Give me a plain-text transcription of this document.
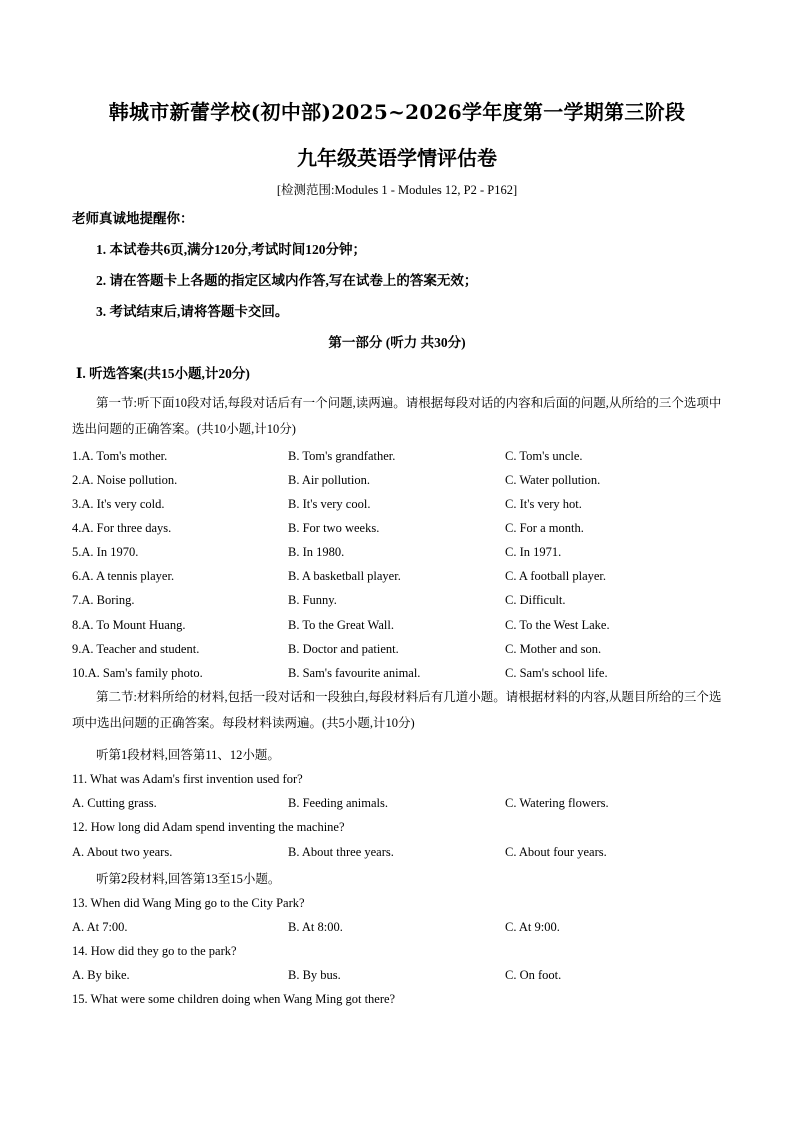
韩城市新蕾学校(初中部)2025~2026学年度第一学期第三阶段
九年级英语学情评估卷
[检测范围:Modules 1 - Modules 12, P2 - P162]
老师真诚地提醒你：
1. 本试卷共6页,满分120分,考试时间120分钟；
2. 请在答题卡上各题的指定区域内作答,写在试卷上的答案无效；
3. 考试结束后,请将答题卡交回。
第一部分 (听力 共30分)
Ⅰ. 听选答案(共15小题,计20分)
第一节:听下面10段对话,每段对话后有一个问题,读两遍。请根据每段对话的内容和后面的问题,从所给的三个选项中选出问题的正确答案。(共10小题,计10分)
1.A. Tom's mother.	B. Tom's grandfather.	C. Tom's uncle.
2.A. Noise pollution.	B. Air pollution.	C. Water pollution.
3.A. It's very cold.	B. It's very cool.	C. It's very hot.
4.A. For three days.	B. For two weeks.	C. For a month.
5.A. In 1970.	B. In 1980.	C. In 1971.
6.A. A tennis player.	B. A basketball player.	C. A football player.
7.A. Boring.	B. Funny.	C. Difficult.
8.A. To Mount Huang.	B. To the Great Wall.	C. To the West Lake.
9.A. Teacher and student.	B. Doctor and patient.	C. Mother and son.
10.A. Sam's family photo.	B. Sam's favourite animal.	C. Sam's school life.
第二节:材料所给的材料,包括一段对话和一段独白,每段材料后有几道小题。请根据材料的内容,从题目所给的三个选项中选出问题的正确答案。每段材料读两遍。(共5小题,计10分)
听第1段材料,回答第11、12小题。
11. What was Adam's first invention used for?
A. Cutting grass.	B. Feeding animals.	C. Watering flowers.
12. How long did Adam spend inventing the machine?
A. About two years.	B. About three years.	C. About four years.
听第2段材料,回答第13至15小题。
13. When did Wang Ming go to the City Park?
A. At 7:00.	B. At 8:00.	C. At 9:00.
14. How did they go to the park?
A. By bike.	B. By bus.	C. On foot.
15. What were some children doing when Wang Ming got there?
